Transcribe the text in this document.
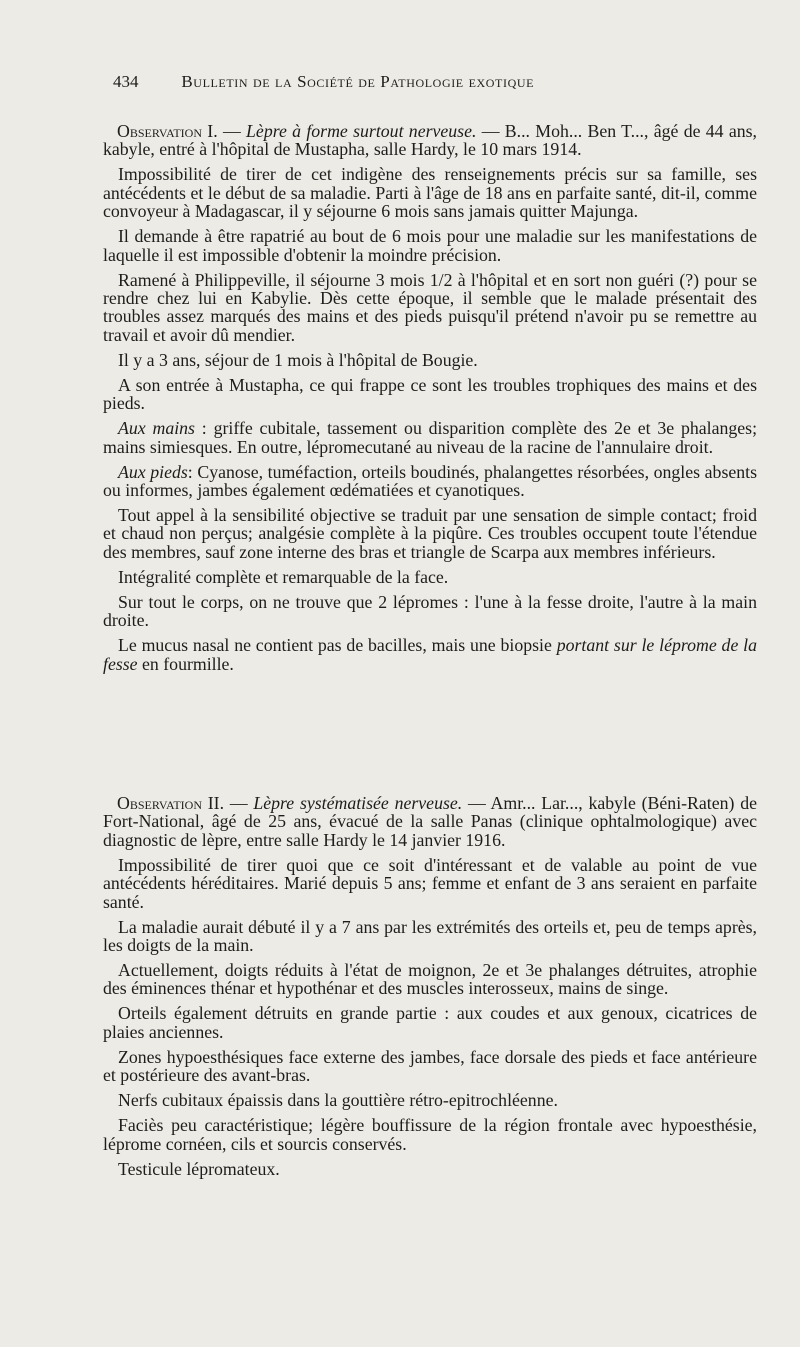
434	Bulletin de la Société de Pathologie exotique

Observation I. — Lèpre à forme surtout nerveuse. — B... Moh... Ben T..., âgé de 44 ans, kabyle, entré à l'hôpital de Mustapha, salle Hardy, le 10 mars 1914.

Impossibilité de tirer de cet indigène des renseignements précis sur sa famille, ses antécédents et le début de sa maladie. Parti à l'âge de 18 ans en parfaite santé, dit-il, comme convoyeur à Madagascar, il y séjourne 6 mois sans jamais quitter Majunga.

Il demande à être rapatrié au bout de 6 mois pour une maladie sur les manifestations de laquelle il est impossible d'obtenir la moindre précision.

Ramené à Philippeville, il séjourne 3 mois 1/2 à l'hôpital et en sort non guéri (?) pour se rendre chez lui en Kabylie. Dès cette époque, il semble que le malade présentait des troubles assez marqués des mains et des pieds puisqu'il prétend n'avoir pu se remettre au travail et avoir dû mendier.

Il y a 3 ans, séjour de 1 mois à l'hôpital de Bougie.

A son entrée à Mustapha, ce qui frappe ce sont les troubles trophiques des mains et des pieds.

Aux mains : griffe cubitale, tassement ou disparition complète des 2e et 3e phalanges; mains simiesques. En outre, lépromecutané au niveau de la racine de l'annulaire droit.

Aux pieds: Cyanose, tuméfaction, orteils boudinés, phalangettes résorbées, ongles absents ou informes, jambes également œdématiées et cyanotiques.

Tout appel à la sensibilité objective se traduit par une sensation de simple contact; froid et chaud non perçus; analgésie complète à la piqûre. Ces troubles occupent toute l'étendue des membres, sauf zone interne des bras et triangle de Scarpa aux membres inférieurs.

Intégralité complète et remarquable de la face.

Sur tout le corps, on ne trouve que 2 lépromes : l'une à la fesse droite, l'autre à la main droite.

Le mucus nasal ne contient pas de bacilles, mais une biopsie portant sur le léprome de la fesse en fourmille.

Observation II. — Lèpre systématisée nerveuse. — Amr... Lar..., kabyle (Béni-Raten) de Fort-National, âgé de 25 ans, évacué de la salle Panas (clinique ophtalmologique) avec diagnostic de lèpre, entre salle Hardy le 14 janvier 1916.

Impossibilité de tirer quoi que ce soit d'intéressant et de valable au point de vue antécédents héréditaires. Marié depuis 5 ans; femme et enfant de 3 ans seraient en parfaite santé.

La maladie aurait débuté il y a 7 ans par les extrémités des orteils et, peu de temps après, les doigts de la main.

Actuellement, doigts réduits à l'état de moignon, 2e et 3e phalanges détruites, atrophie des éminences thénar et hypothénar et des muscles interosseux, mains de singe.

Orteils également détruits en grande partie : aux coudes et aux genoux, cicatrices de plaies anciennes.

Zones hypoesthésiques face externe des jambes, face dorsale des pieds et face antérieure et postérieure des avant-bras.

Nerfs cubitaux épaissis dans la gouttière rétro-epitrochléenne.

Faciès peu caractéristique; légère bouffissure de la région frontale avec hypoesthésie, léprome cornéen, cils et sourcis conservés.

Testicule lépromateux.
